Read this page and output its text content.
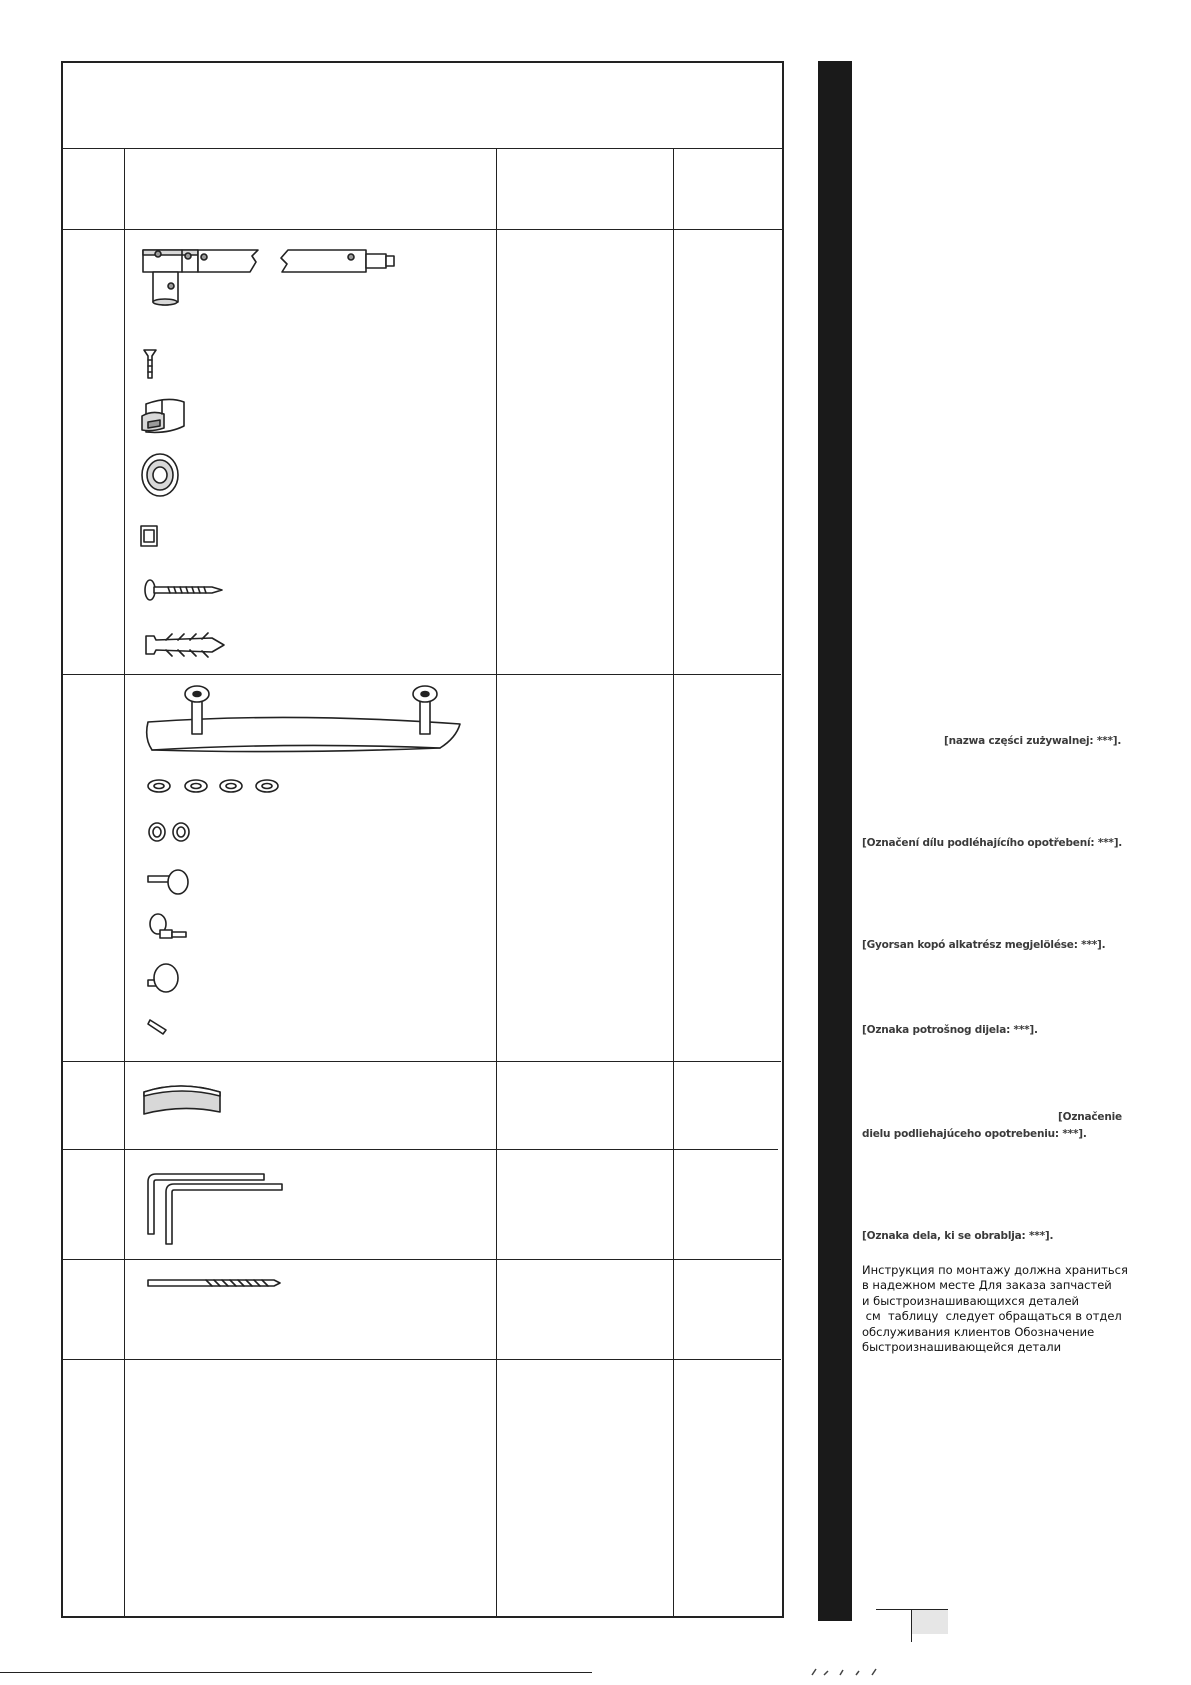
[nazwa części zużywalnej: ***].
[Označení dílu podléhajícího opotřebení: ***].
[Gyorsan kopó alkatrész megjelölése: ***].
[Oznaka potrošnog dijela: ***].
[Označenie
dielu podliehajúceho opotrebeniu: ***].
[Oznaka dela, ki se obrablja: ***].
Инструкция по монтажу должна храниться
в надежном месте Для заказа запчастей
и быстроизнашивающихся деталей
см  таблицу  следует обращаться в отдел
обслуживания клиентов Обозначение
быстроизнашивающейся детали
